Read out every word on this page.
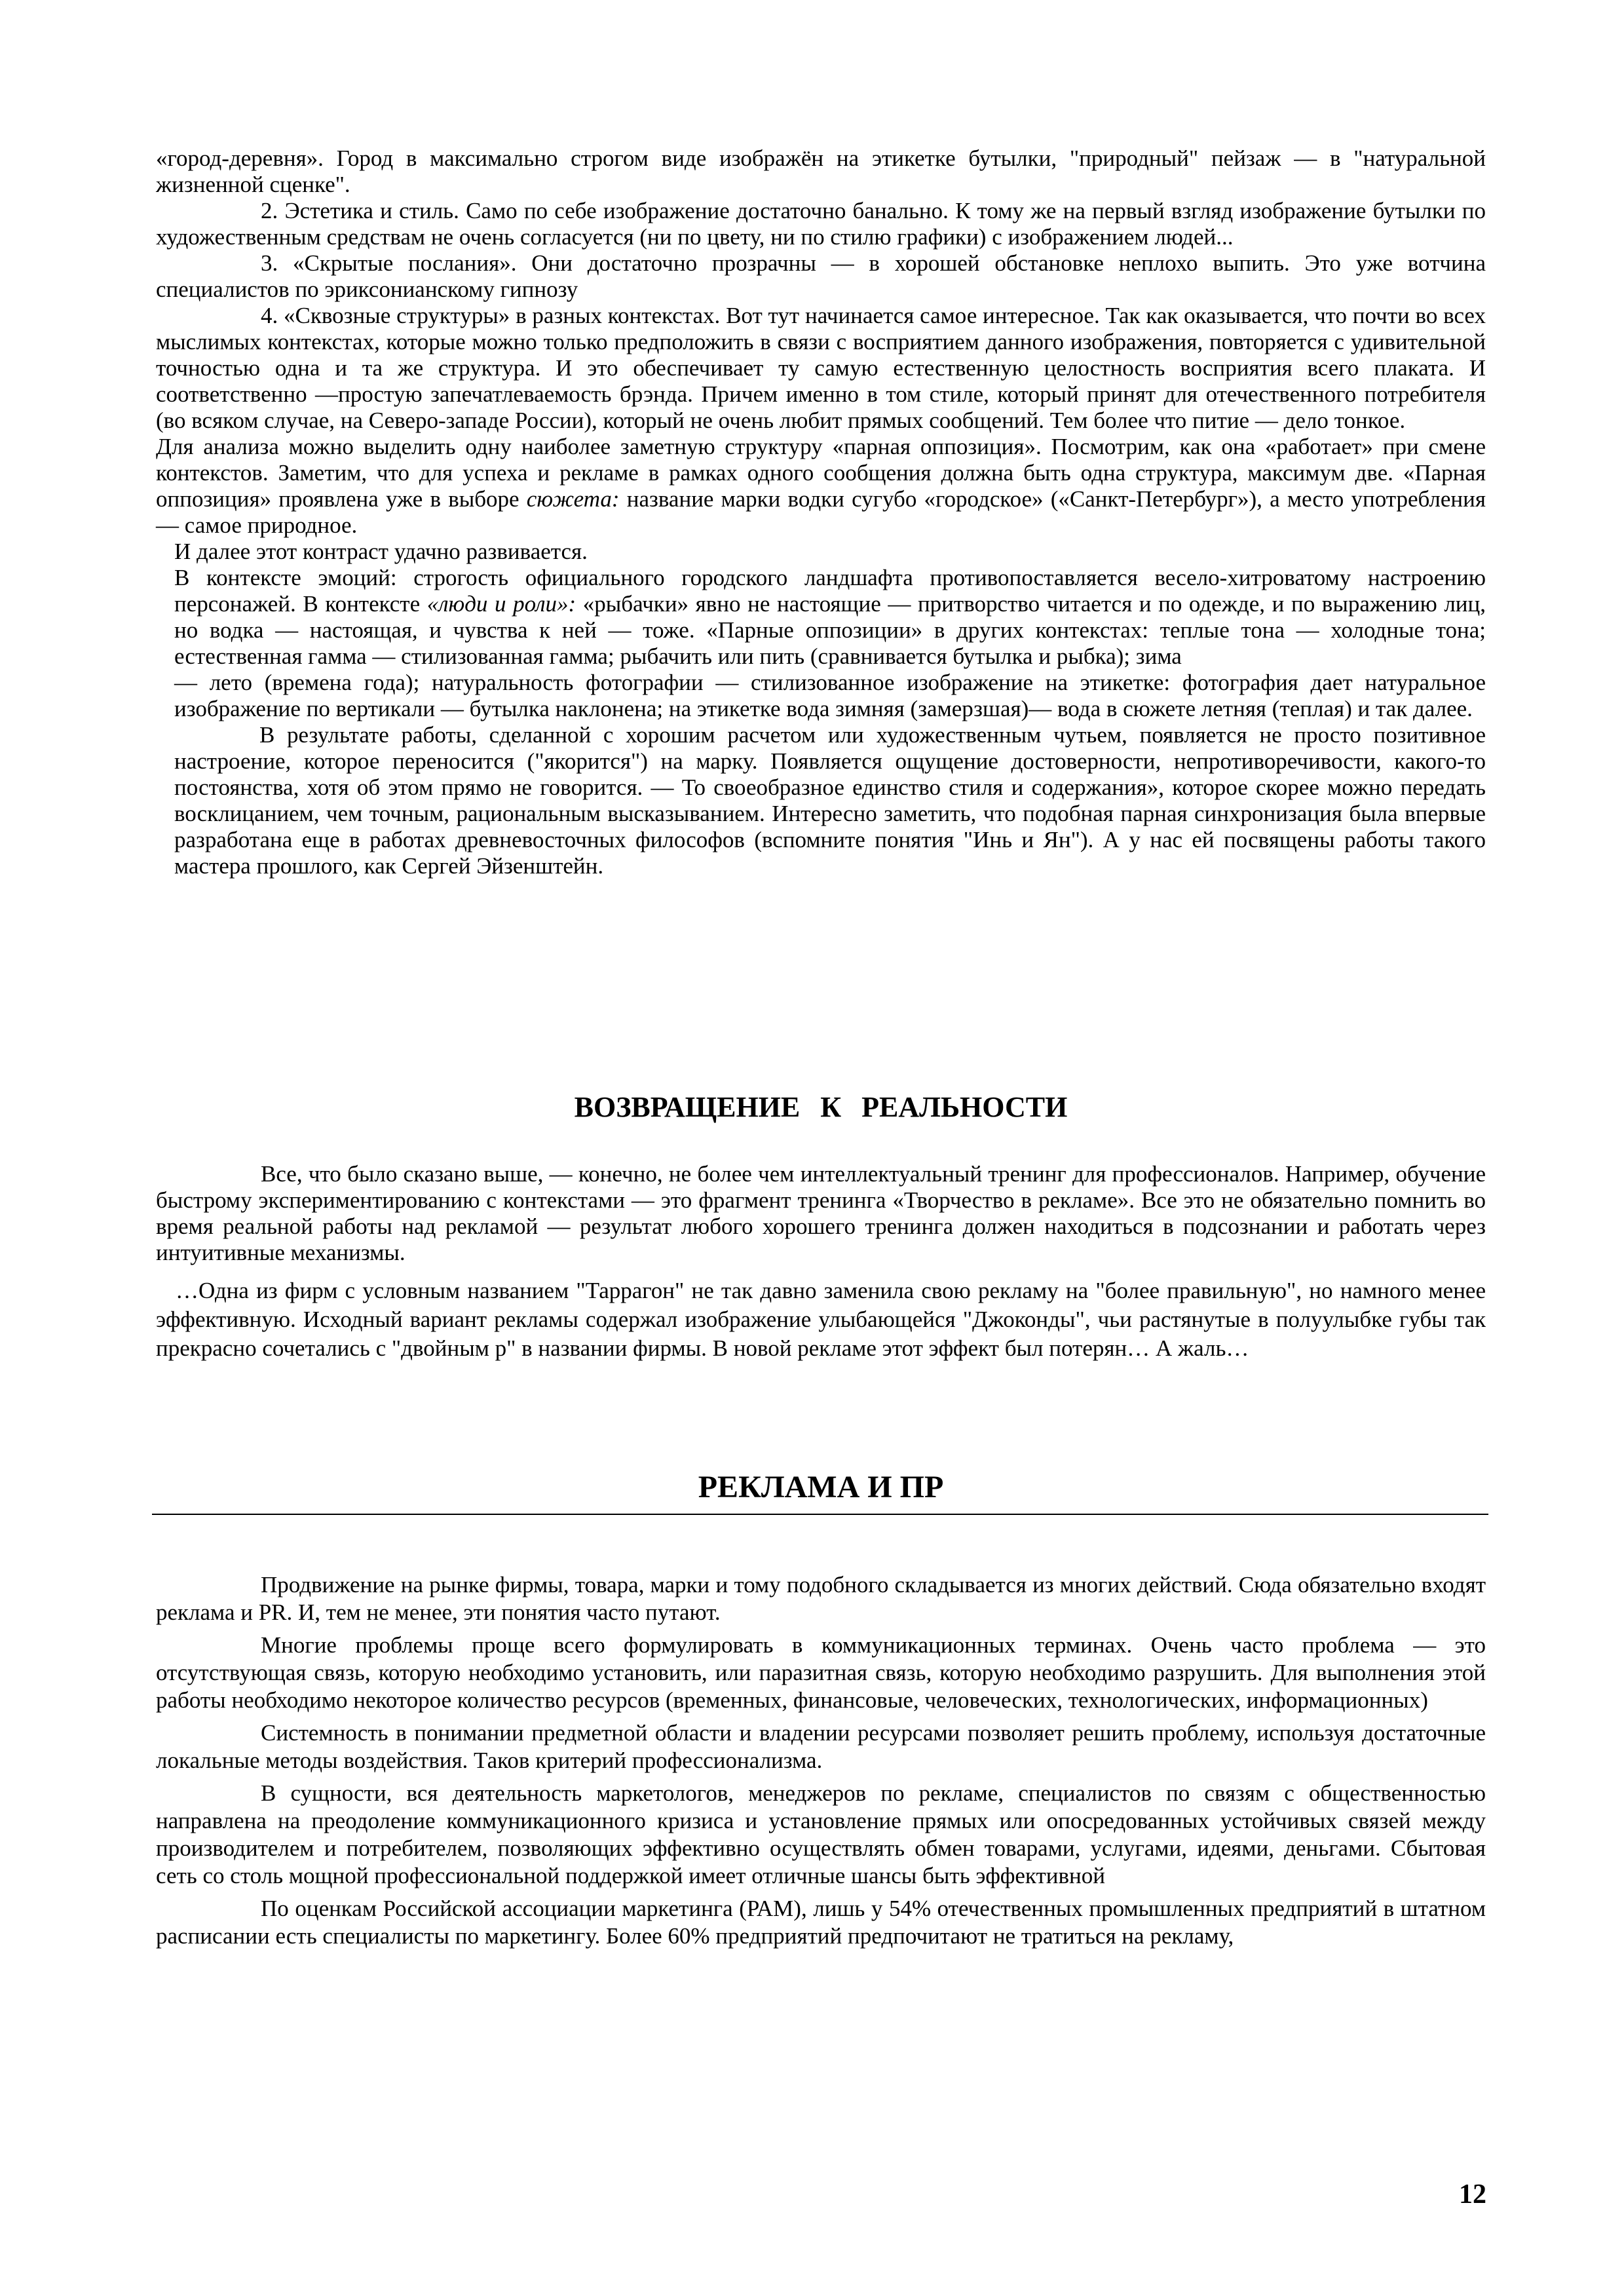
«город-деревня». Город в максимально строгом виде изображён на этикетке бутылки, "природный" пейзаж — в "натуральной жизненной сценке".

2. Эстетика и стиль. Само по себе изображение достаточно банально. К тому же на первый взгляд изображение бутылки по художественным средствам не очень согласуется (ни по цвету, ни по стилю графики) с изображением людей...

3. «Скрытые послания». Они достаточно прозрачны — в хорошей обстановке неплохо выпить. Это уже вотчина специалистов по эриксонианскому гипнозу

4. «Сквозные структуры» в разных контекстах. Вот тут начинается самое интересное. Так как оказывается, что почти во всех мыслимых контекстах, которые можно только предположить в связи с восприятием данного изображения, повторяется с удивительной точностью одна и та же структура. И это обеспечивает ту самую естественную целостность восприятия всего плаката. И соответственно —простую запечатлеваемость брэнда. Причем именно в том стиле, который принят для отечественного потребителя (во всяком случае, на Северо-западе России), который не очень любит прямых сообщений. Тем более что питие — дело тонкое.

Для анализа можно выделить одну наиболее заметную структуру «парная оппозиция». Посмотрим, как она «работает» при смене контекстов. Заметим, что для успеха и рекламе в рамках одного сообщения должна быть одна структура, максимум две. «Парная оппозиция» проявлена уже в выборе сюжета: название марки водки сугубо «городское» («Санкт-Петербург»), а место употребления — самое природное.

И далее этот контраст удачно развивается.

В контексте эмоций: строгость официального городского ландшафта противопоставляется весело-хитроватому настроению персонажей. В контексте «люди и роли»: «рыбачки» явно не настоящие — притворство читается и по одежде, и по выражению лиц, но водка — настоящая, и чувства к ней — тоже. «Парные оппозиции» в других контекстах: теплые тона — холодные тона; естественная гамма — стилизованная гамма; рыбачить или пить (сравнивается бутылка и рыбка); зима

— лето (времена года); натуральность фотографии — стилизованное изображение на этикетке: фотография дает натуральное изображение по вертикали — бутылка наклонена; на этикетке вода зимняя (замерзшая)— вода в сюжете летняя (теплая) и так далее.

В результате работы, сделанной с хорошим расчетом или художественным чутьем, появляется не просто позитивное настроение, которое переносится ("якорится") на марку. Появляется ощущение достоверности, непротиворечивости, какого-то постоянства, хотя об этом прямо не говорится. — То своеобразное единство стиля и содержания», которое скорее можно передать восклицанием, чем точным, рациональным высказыванием. Интересно заметить, что подобная парная синхронизация была впервые разработана еще в работах древневосточных философов (вспомните понятия "Инь и Ян"). А у нас ей посвящены работы такого мастера прошлого, как Сергей Эйзенштейн.

ВОЗВРАЩЕНИЕ К РЕАЛЬНОСТИ

Все, что было сказано выше, — конечно, не более чем интеллектуальный тренинг для профессионалов. Например, обучение быстрому экспериментированию с контекстами — это фрагмент тренинга «Творчество в рекламе». Все это не обязательно помнить во время реальной работы над рекламой — результат любого хорошего тренинга должен находиться в подсознании и работать через интуитивные механизмы.

…Одна из фирм с условным названием "Таррагон" не так давно заменила свою рекламу на "более правильную", но намного менее эффективную. Исходный вариант рекламы содержал изображение улыбающейся "Джоконды", чьи растянутые в полуулыбке губы так прекрасно сочетались с "двойным р" в названии фирмы. В новой рекламе этот эффект был потерян… А жаль…

РЕКЛАМА И ПР

Продвижение на рынке фирмы, товара, марки и тому подобного складывается из многих действий. Сюда обязательно входят реклама и PR. И, тем не менее, эти понятия часто путают.

Многие проблемы проще всего формулировать в коммуникационных терминах. Очень часто проблема — это отсутствующая связь, которую необходимо установить, или паразитная связь, которую необходимо разрушить. Для выполнения этой работы необходимо некоторое количество ресурсов (временных, финансовые, человеческих, технологических, информационных)

Системность в понимании предметной области и владении ресурсами позволяет решить проблему, используя достаточные локальные методы воздействия. Таков критерий профессионализма.

В сущности, вся деятельность маркетологов, менеджеров по рекламе, специалистов по связям с общественностью направлена на преодоление коммуникационного кризиса и установление прямых или опосредованных устойчивых связей между производителем и потребителем, позволяющих эффективно осуществлять обмен товарами, услугами, идеями, деньгами. Сбытовая сеть со столь мощной профессиональной поддержкой имеет отличные шансы быть эффективной

По оценкам Российской ассоциации маркетинга (РАМ), лишь у 54% отечественных промышленных предприятий в штатном расписании есть специалисты по маркетингу. Более 60% предприятий предпочитают не тратиться на рекламу,

12
